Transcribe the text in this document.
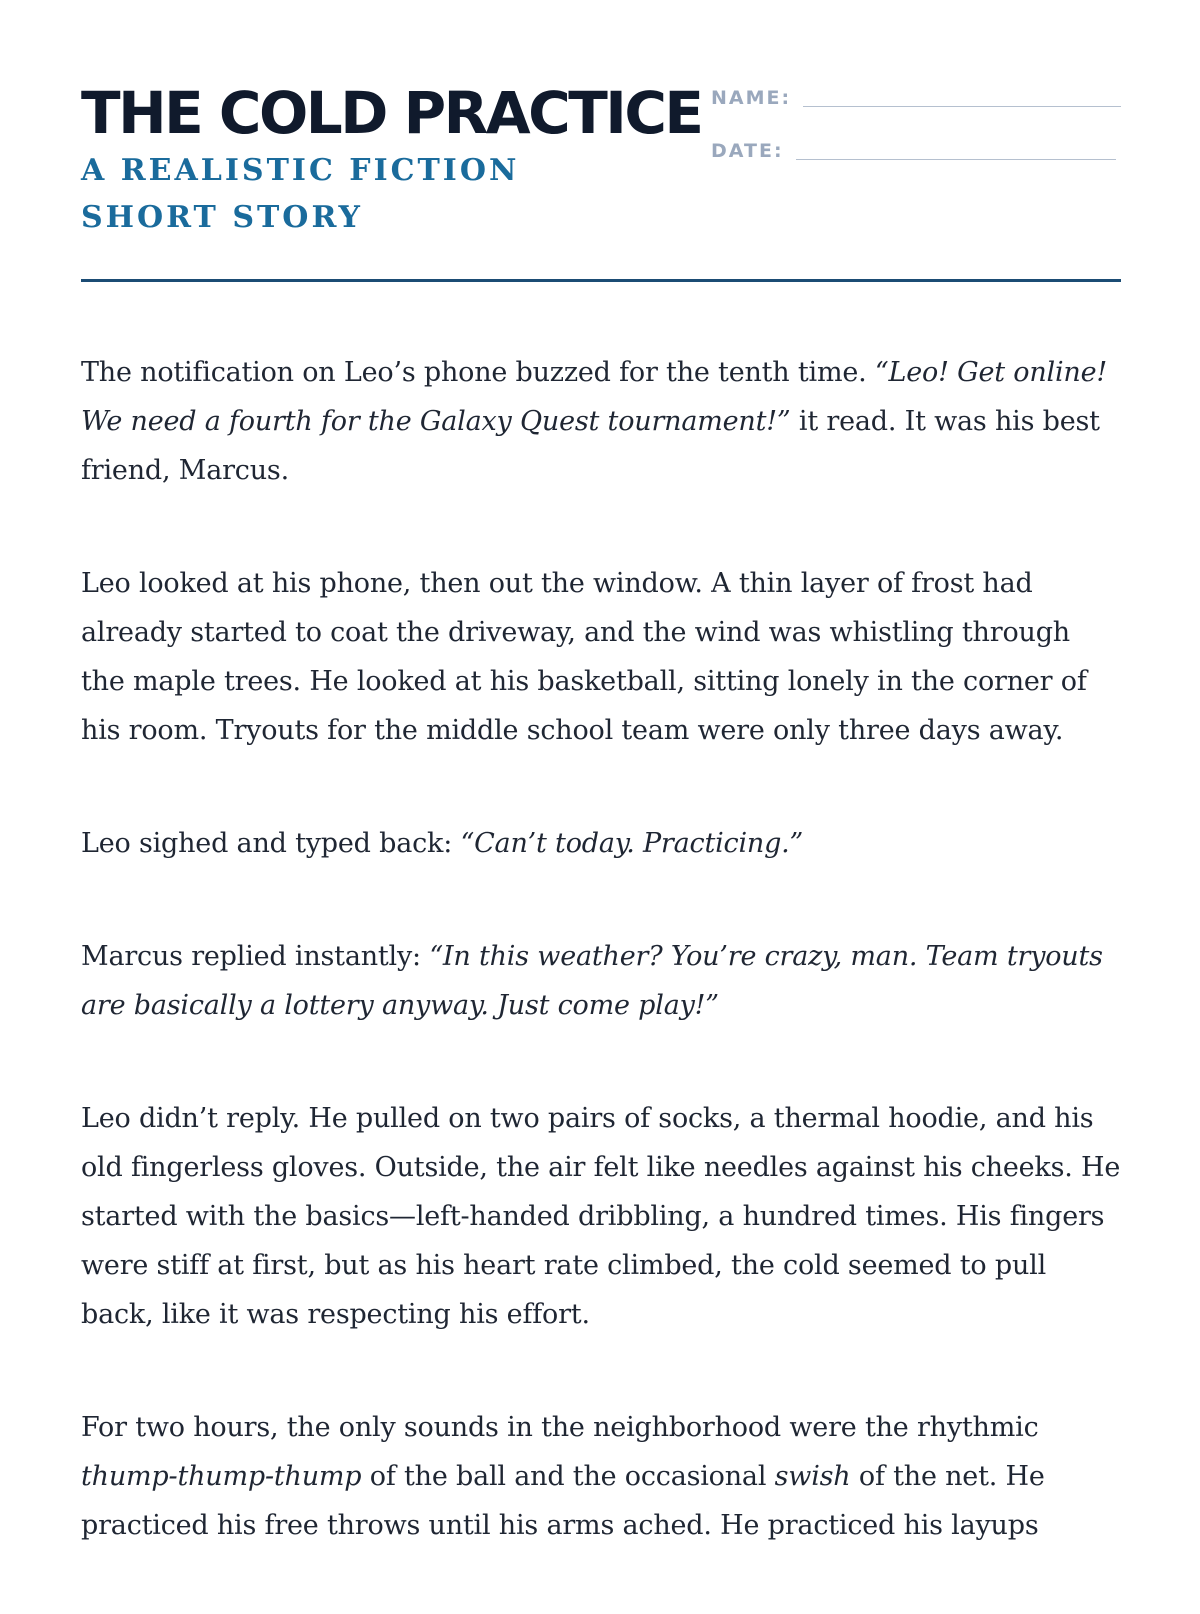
THE COLD PRACTICE
A REALISTIC FICTION SHORT STORY
NAME:
DATE:

The notification on Leo’s phone buzzed for the tenth time. “Leo! Get online! We need a fourth for the Galaxy Quest tournament!” it read. It was his best friend, Marcus.

Leo looked at his phone, then out the window. A thin layer of frost had already started to coat the driveway, and the wind was whistling through the maple trees. He looked at his basketball, sitting lonely in the corner of his room. Tryouts for the middle school team were only three days away.

Leo sighed and typed back: “Can’t today. Practicing.”

Marcus replied instantly: “In this weather? You’re crazy, man. Team tryouts are basically a lottery anyway. Just come play!”

Leo didn’t reply. He pulled on two pairs of socks, a thermal hoodie, and his old fingerless gloves. Outside, the air felt like needles against his cheeks. He started with the basics—left-handed dribbling, a hundred times. His fingers were stiff at first, but as his heart rate climbed, the cold seemed to pull back, like it was respecting his effort.

For two hours, the only sounds in the neighborhood were the rhythmic thump-thump-thump of the ball and the occasional swish of the net. He practiced his free throws until his arms ached. He practiced his layups
